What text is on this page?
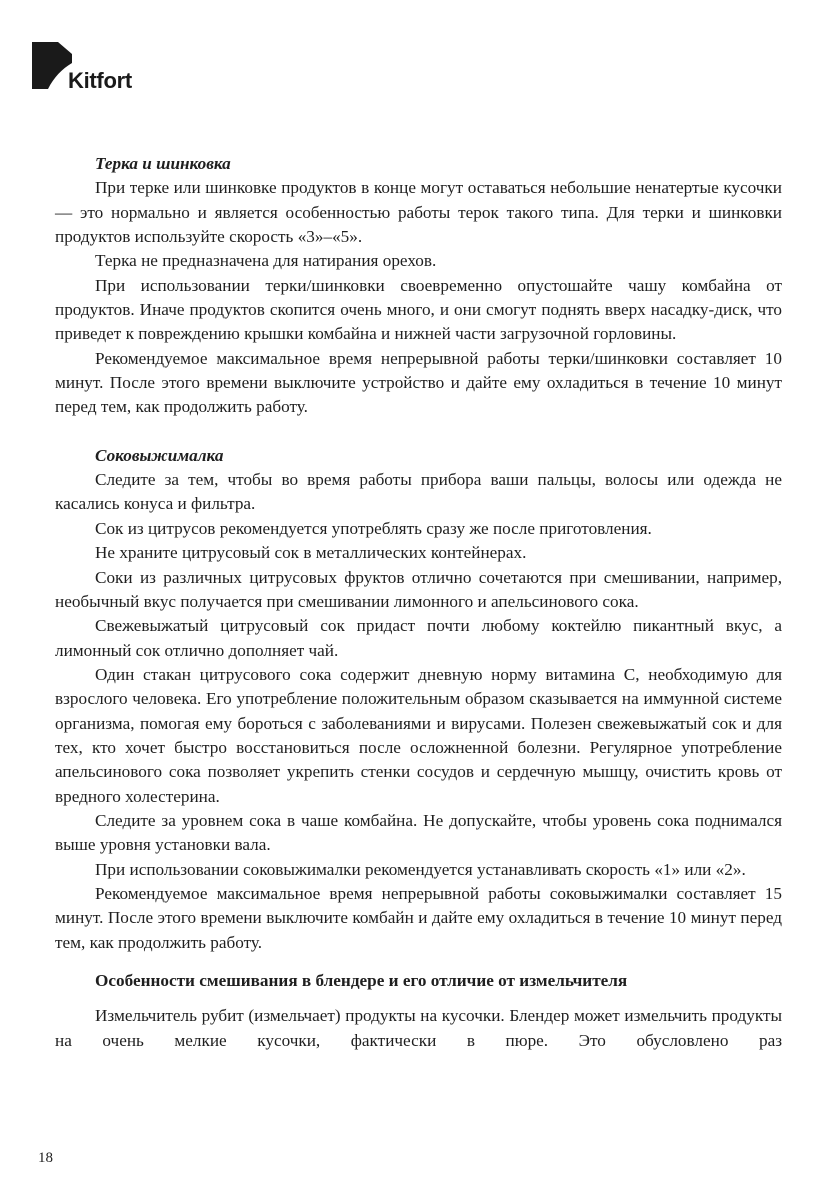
Kitfort
Терка и шинковка

При терке или шинковке продуктов в конце могут оставаться небольшие ненатертые кусочки — это нормально и является особенностью работы терок такого типа. Для терки и шинковки продуктов используйте скорость «3»–«5».

Терка не предназначена для натирания орехов.

При использовании терки/шинковки своевременно опустошайте чашу комбайна от продуктов. Иначе продуктов скопится очень много, и они смогут поднять вверх насадку-диск, что приведет к повреждению крышки комбайна и нижней части загрузочной горловины.

Рекомендуемое максимальное время непрерывной работы терки/шинковки составляет 10 минут. После этого времени выключите устройство и дайте ему охладиться в течение 10 минут перед тем, как продолжить работу.

Соковыжималка

Следите за тем, чтобы во время работы прибора ваши пальцы, волосы или одежда не касались конуса и фильтра.

Сок из цитрусов рекомендуется употреблять сразу же после приготовления.

Не храните цитрусовый сок в металлических контейнерах.

Соки из различных цитрусовых фруктов отлично сочетаются при смешивании, например, необычный вкус получается при смешивании лимонного и апельсинового сока.

Свежевыжатый цитрусовый сок придаст почти любому коктейлю пикантный вкус, а лимонный сок отлично дополняет чай.

Один стакан цитрусового сока содержит дневную норму витамина С, необходимую для взрослого человека. Его употребление положительным образом сказывается на иммунной системе организма, помогая ему бороться с заболеваниями и вирусами. Полезен свежевыжатый сок и для тех, кто хочет быстро восстановиться после осложненной болезни. Регулярное употребление апельсинового сока позволяет укрепить стенки сосудов и сердечную мышцу, очистить кровь от вредного холестерина.

Следите за уровнем сока в чаше комбайна. Не допускайте, чтобы уровень сока поднимался выше уровня установки вала.

При использовании соковыжималки рекомендуется устанавливать скорость «1» или «2».

Рекомендуемое максимальное время непрерывной работы соковыжималки составляет 15 минут. После этого времени выключите комбайн и дайте ему охладиться в течение 10 минут перед тем, как продолжить работу.

Особенности смешивания в блендере и его отличие от измельчителя

Измельчитель рубит (измельчает) продукты на кусочки. Блендер может измельчить продукты на очень мелкие кусочки, фактически в пюре. Это обусловлено раз

18
